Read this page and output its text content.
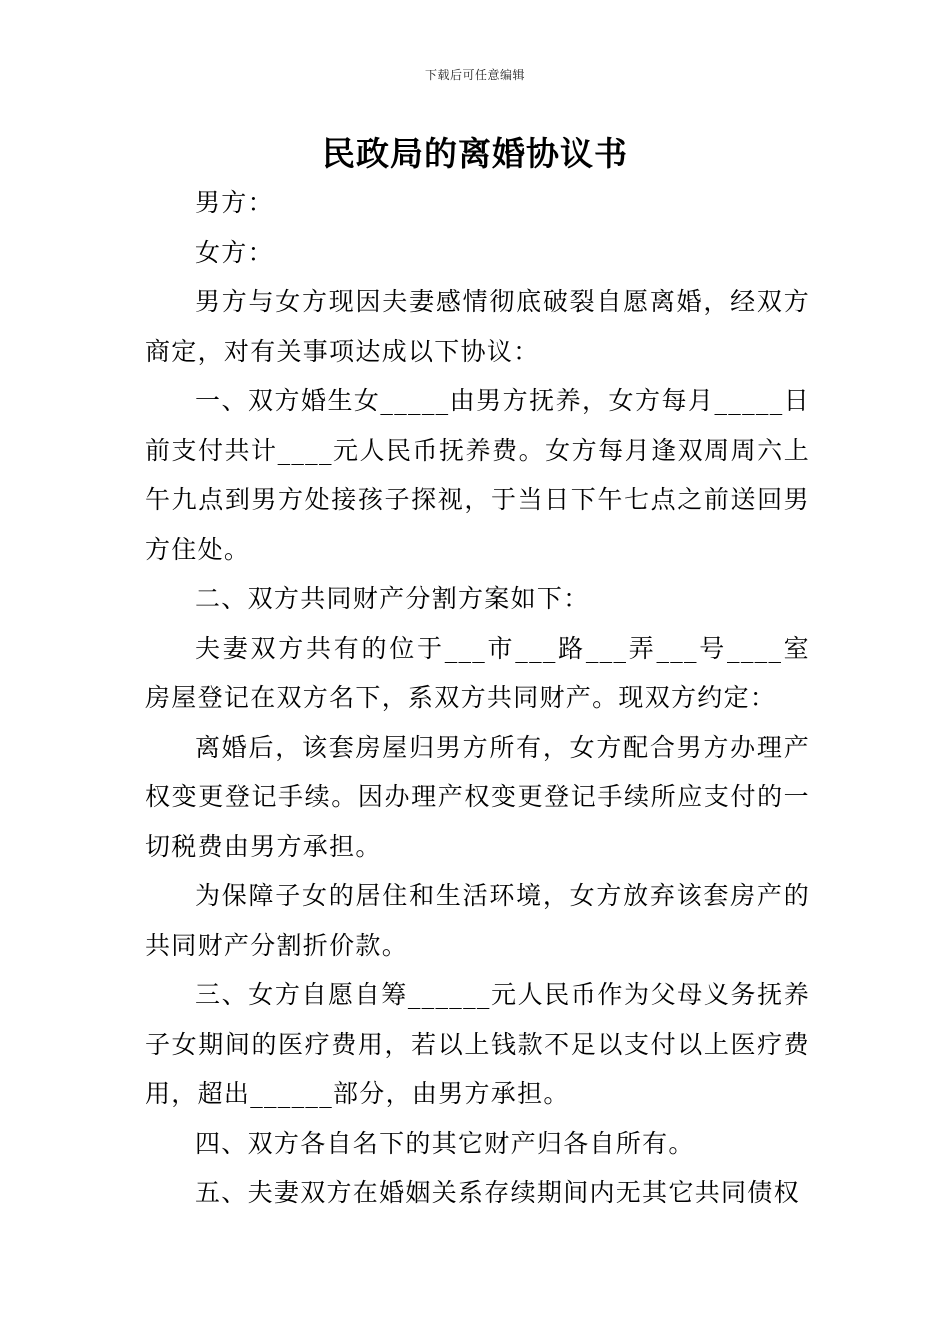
下载后可任意编辑
民政局的离婚协议书

男方：

女方：

男方与女方现因夫妻感情彻底破裂自愿离婚，经双方商定，对有关事项达成以下协议：

一、双方婚生女_____由男方抚养，女方每月_____日前支付共计____元人民币抚养费。女方每月逢双周周六上午九点到男方处接孩子探视，于当日下午七点之前送回男方住处。

二、双方共同财产分割方案如下：

夫妻双方共有的位于___市___路___弄___号____室房屋登记在双方名下，系双方共同财产。现双方约定：

离婚后，该套房屋归男方所有，女方配合男方办理产权变更登记手续。因办理产权变更登记手续所应支付的一切税费由男方承担。

为保障子女的居住和生活环境，女方放弃该套房产的共同财产分割折价款。

三、女方自愿自筹______元人民币作为父母义务抚养子女期间的医疗费用，若以上钱款不足以支付以上医疗费用，超出______部分，由男方承担。

四、双方各自名下的其它财产归各自所有。

五、夫妻双方在婚姻关系存续期间内无其它共同债权
